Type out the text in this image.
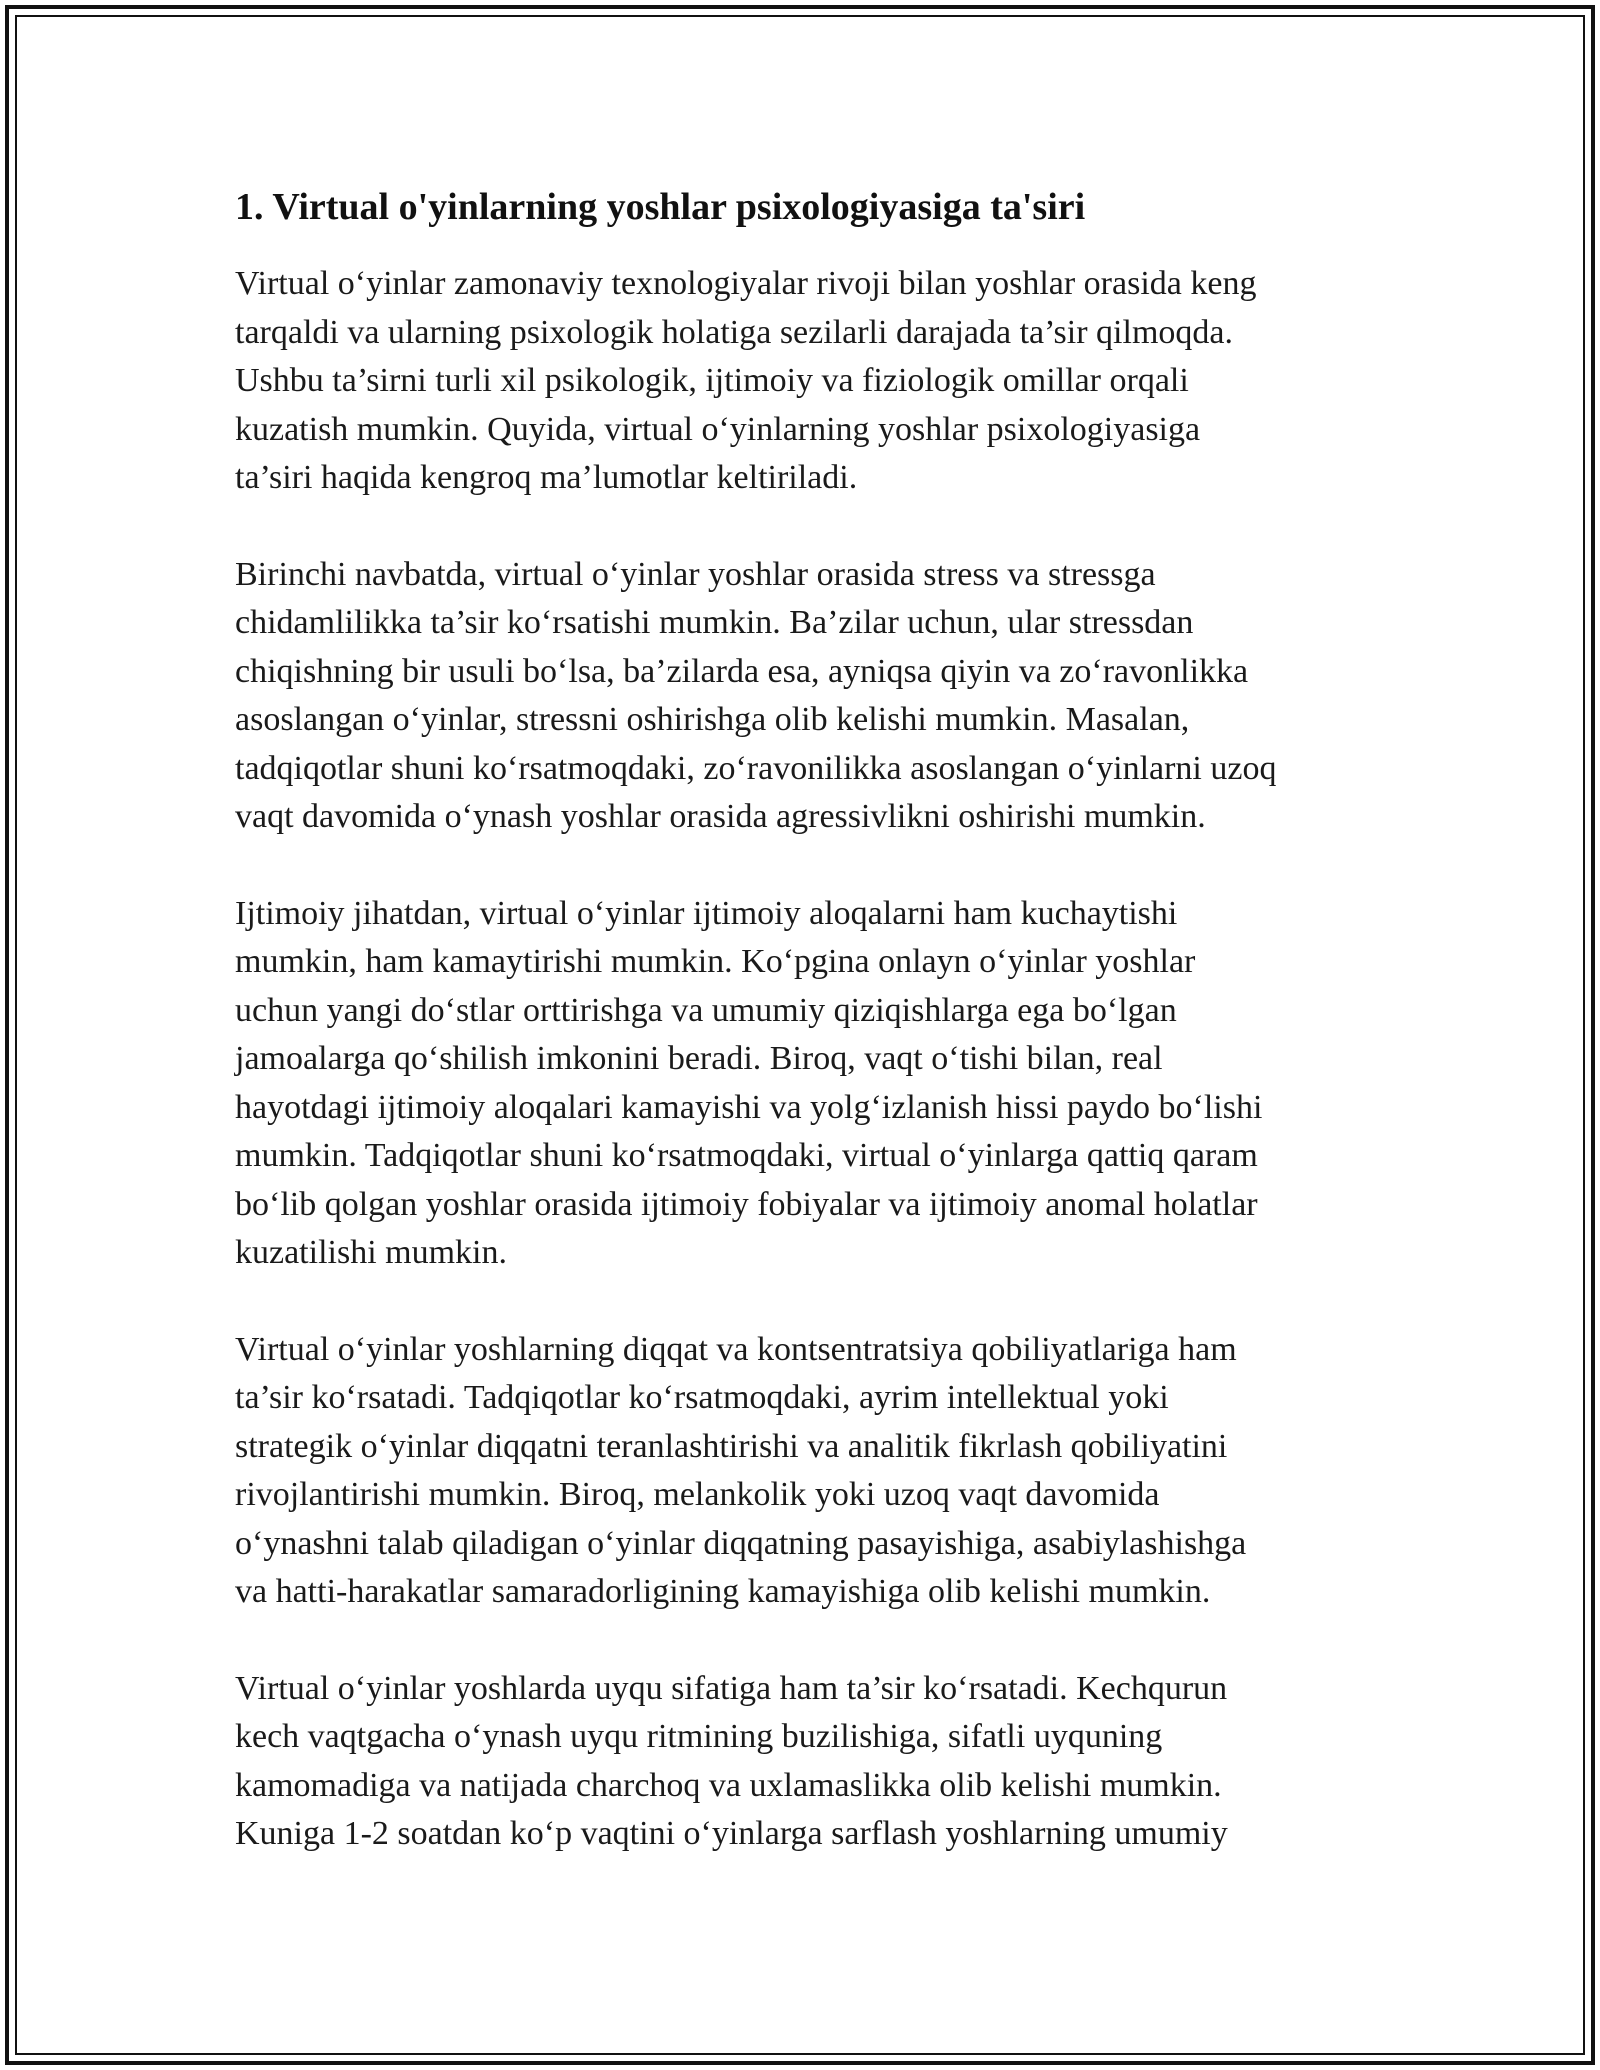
1. Virtual o'yinlarning yoshlar psixologiyasiga ta'siri

Virtual o‘yinlar zamonaviy texnologiyalar rivoji bilan yoshlar orasida keng
tarqaldi va ularning psixologik holatiga sezilarli darajada ta’sir qilmoqda.
Ushbu ta’sirni turli xil psikologik, ijtimoiy va fiziologik omillar orqali
kuzatish mumkin. Quyida, virtual o‘yinlarning yoshlar psixologiyasiga
ta’siri haqida kengroq ma’lumotlar keltiriladi.

Birinchi navbatda, virtual o‘yinlar yoshlar orasida stress va stressga
chidamlilikka ta’sir ko‘rsatishi mumkin. Ba’zilar uchun, ular stressdan
chiqishning bir usuli bo‘lsa, ba’zilarda esa, ayniqsa qiyin va zo‘ravonlikka
asoslangan o‘yinlar, stressni oshirishga olib kelishi mumkin. Masalan,
tadqiqotlar shuni ko‘rsatmoqdaki, zo‘ravonilikka asoslangan o‘yinlarni uzoq
vaqt davomida o‘ynash yoshlar orasida agressivlikni oshirishi mumkin.

Ijtimoiy jihatdan, virtual o‘yinlar ijtimoiy aloqalarni ham kuchaytishi
mumkin, ham kamaytirishi mumkin. Ko‘pgina onlayn o‘yinlar yoshlar
uchun yangi do‘stlar orttirishga va umumiy qiziqishlarga ega bo‘lgan
jamoalarga qo‘shilish imkonini beradi. Biroq, vaqt o‘tishi bilan, real
hayotdagi ijtimoiy aloqalari kamayishi va yolg‘izlanish hissi paydo bo‘lishi
mumkin. Tadqiqotlar shuni ko‘rsatmoqdaki, virtual o‘yinlarga qattiq qaram
bo‘lib qolgan yoshlar orasida ijtimoiy fobiyalar va ijtimoiy anomal holatlar
kuzatilishi mumkin.

Virtual o‘yinlar yoshlarning diqqat va kontsentratsiya qobiliyatlariga ham
ta’sir ko‘rsatadi. Tadqiqotlar ko‘rsatmoqdaki, ayrim intellektual yoki
strategik o‘yinlar diqqatni teranlashtirishi va analitik fikrlash qobiliyatini
rivojlantirishi mumkin. Biroq, melankolik yoki uzoq vaqt davomida
o‘ynashni talab qiladigan o‘yinlar diqqatning pasayishiga, asabiylashishga
va hatti-harakatlar samaradorligining kamayishiga olib kelishi mumkin.

Virtual o‘yinlar yoshlarda uyqu sifatiga ham ta’sir ko‘rsatadi. Kechqurun
kech vaqtgacha o‘ynash uyqu ritmining buzilishiga, sifatli uyquning
kamomadiga va natijada charchoq va uxlamaslikka olib kelishi mumkin.
Kuniga 1-2 soatdan ko‘p vaqtini o‘yinlarga sarflash yoshlarning umumiy
